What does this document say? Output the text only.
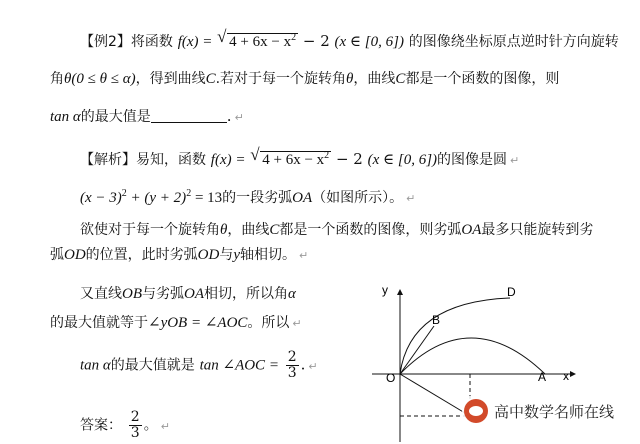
【例2】将函数 f(x) = √ $4 + 6x - x^2 - 2$ (x ∈ [0, 6]) 的图像绕坐标原点逆时针方向旋转
角θ(0 ≤ θ ≤ α)，得到曲线C.若对于每一个旋转角θ，曲线C都是一个函数的图像，则
tan α的最大值是	. ↵
【解析】易知，函数 f(x) = √ $4 + 6x - x^2 - 2$ (x ∈ [0, 6])的图像是圆 ↵
$(x - 3)^2 + (y + 2)^2 = 13$的一段劣弧OA（如图所示）。 ↵
欲使对于每一个旋转角θ，曲线C都是一个函数的图像，则劣弧OA最多只能旋转到劣
弧OD的位置，此时劣弧OD与y轴相切。 ↵
又直线OB与劣弧OA相切，所以角α
的最大值就等于∠yOB = ∠AOC。所以 ↵
tan α的最大值就是 tan ∠AOC = $\frac{2}{3}$ . ↵
答案： $\frac{2}{3}$ 。 ↵
y
x
O	A
B
D
高中数学名师在线
